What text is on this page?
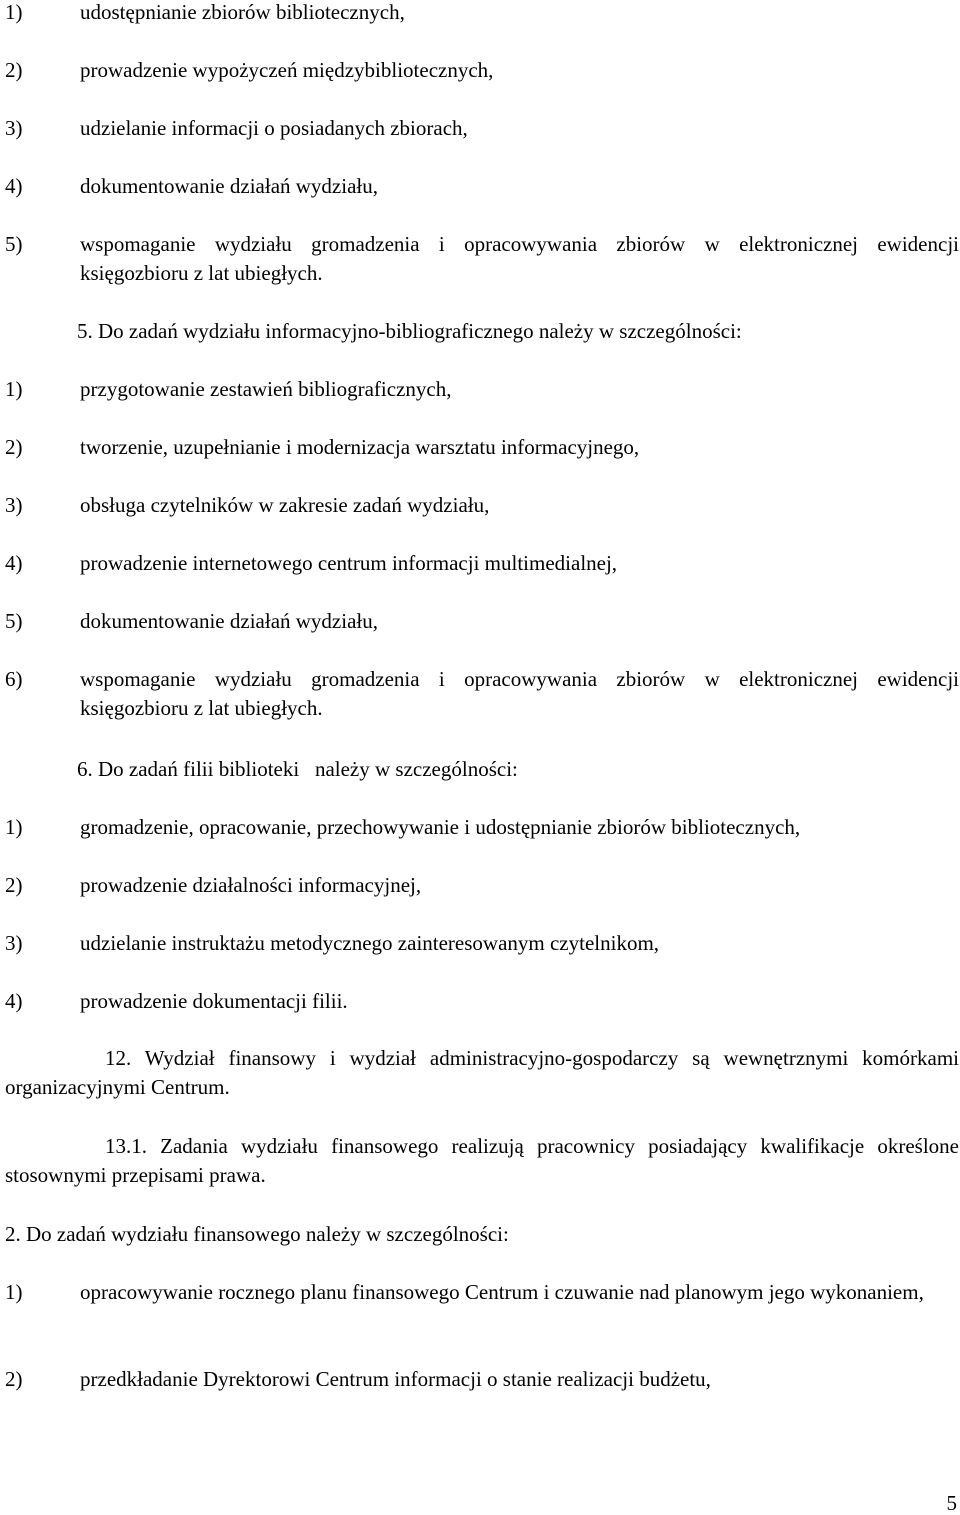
1)	udostępnianie zbiorów bibliotecznych,
2)	prowadzenie wypożyczeń międzybibliotecznych,
3)	udzielanie informacji o posiadanych zbiorach,
4)	dokumentowanie działań wydziału,
5)	wspomaganie wydziału gromadzenia i opracowywania zbiorów w elektronicznej ewidencji księgozbioru z lat ubiegłych.
5. Do zadań wydziału informacyjno-bibliograficznego należy w szczególności:
1)	przygotowanie zestawień bibliograficznych,
2)	tworzenie, uzupełnianie i modernizacja warsztatu informacyjnego,
3)	obsługa czytelników w zakresie zadań wydziału,
4)	prowadzenie internetowego centrum informacji multimedialnej,
5)	dokumentowanie działań wydziału,
6)	wspomaganie wydziału gromadzenia i opracowywania zbiorów w elektronicznej ewidencji księgozbioru z lat ubiegłych.
6. Do zadań filii biblioteki   należy w szczególności:
1)	gromadzenie, opracowanie, przechowywanie i udostępnianie zbiorów bibliotecznych,
2)	prowadzenie działalności informacyjnej,
3)	udzielanie instruktażu metodycznego zainteresowanym czytelnikom,
4)	prowadzenie dokumentacji filii.
12. Wydział finansowy i wydział administracyjno-gospodarczy są wewnętrznymi komórkami organizacyjnymi Centrum.
13.1. Zadania wydziału finansowego realizują pracownicy posiadający kwalifikacje określone stosownymi przepisami prawa.
2. Do zadań wydziału finansowego należy w szczególności:
1)	opracowywanie rocznego planu finansowego Centrum i czuwanie nad planowym jego wykonaniem,
2)	przedkładanie Dyrektorowi Centrum informacji o stanie realizacji budżetu,
5
